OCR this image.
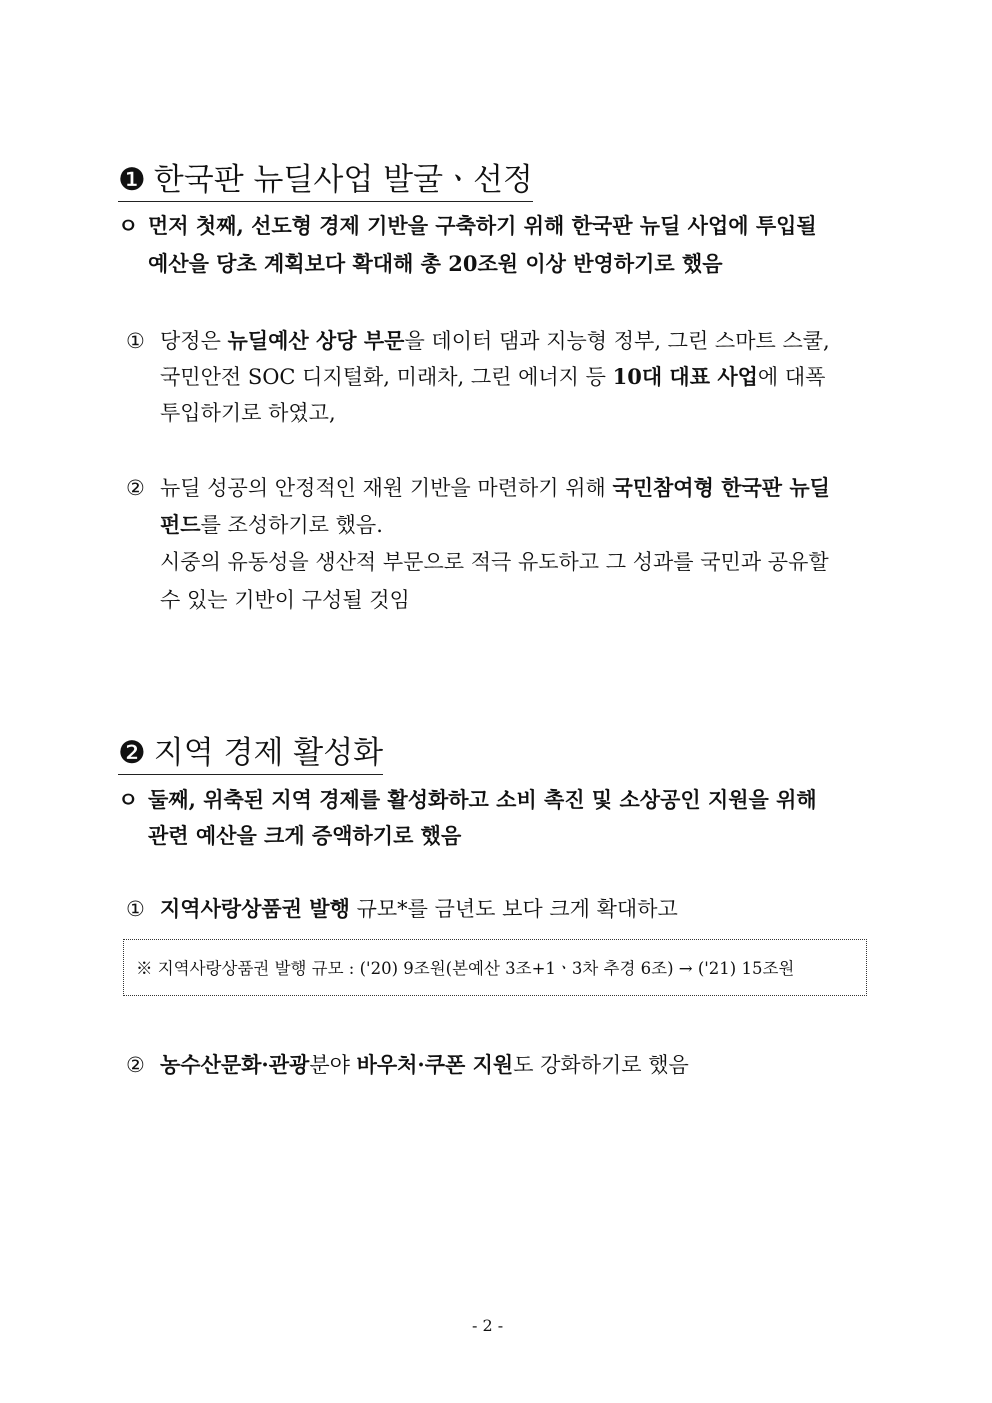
❶ 한국판 뉴딜사업 발굴ㆍ선정
ㅇ 먼저 첫째, 선도형 경제 기반을 구축하기 위해 한국판 뉴딜 사업에 투입될
예산을 당초 계획보다 확대해 총 20조원 이상 반영하기로 했음
① 당정은 뉴딜예산 상당 부문을 데이터 댐과 지능형 정부, 그린 스마트 스쿨,
국민안전 SOC 디지털화, 미래차, 그린 에너지 등 10대 대표 사업에 대폭
투입하기로 하였고,
② 뉴딜 성공의 안정적인 재원 기반을 마련하기 위해 국민참여형 한국판 뉴딜
펀드를 조성하기로 했음.
시중의 유동성을 생산적 부문으로 적극 유도하고 그 성과를 국민과 공유할
수 있는 기반이 구성될 것임
❷ 지역 경제 활성화
ㅇ 둘째, 위축된 지역 경제를 활성화하고 소비 촉진 및 소상공인 지원을 위해
관련 예산을 크게 증액하기로 했음
① 지역사랑상품권 발행 규모*를 금년도 보다 크게 확대하고
※ 지역사랑상품권 발행 규모 : ('20) 9조원(본예산 3조+1ㆍ3차 추경 6조) → ('21) 15조원
② 농수산문화·관광분야 바우처·쿠폰 지원도 강화하기로 했음
- 2 -
